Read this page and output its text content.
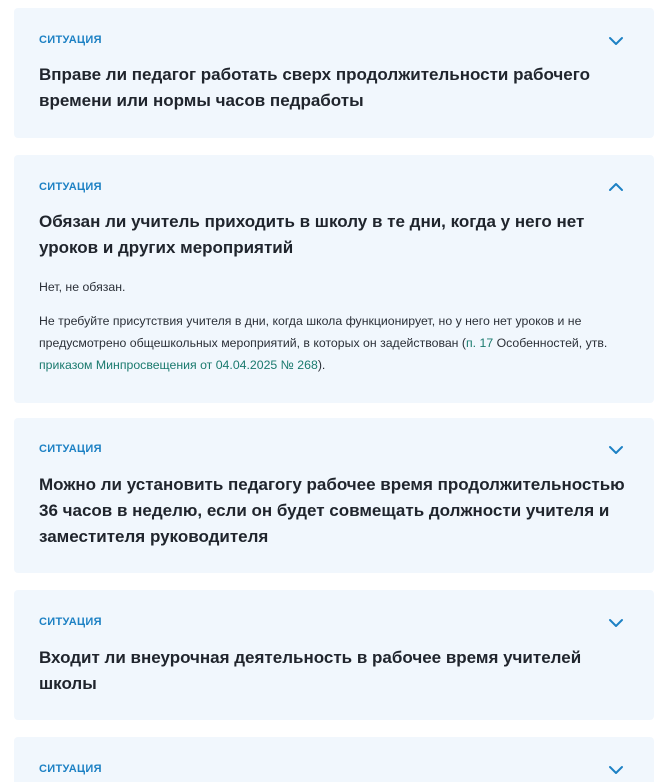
СИТУАЦИЯ
Вправе ли педагог работать сверх продолжительности рабочего времени или нормы часов педработы
СИТУАЦИЯ
Обязан ли учитель приходить в школу в те дни, когда у него нет уроков и других мероприятий
Нет, не обязан.
Не требуйте присутствия учителя в дни, когда школа функционирует, но у него нет уроков и не предусмотрено общешкольных мероприятий, в которых он задействован (п. 17 Особенностей, утв. приказом Минпросвещения от 04.04.2025 № 268).
СИТУАЦИЯ
Можно ли установить педагогу рабочее время продолжительностью 36 часов в неделю, если он будет совмещать должности учителя и заместителя руководителя
СИТУАЦИЯ
Входит ли внеурочная деятельность в рабочее время учителей школы
СИТУАЦИЯ
